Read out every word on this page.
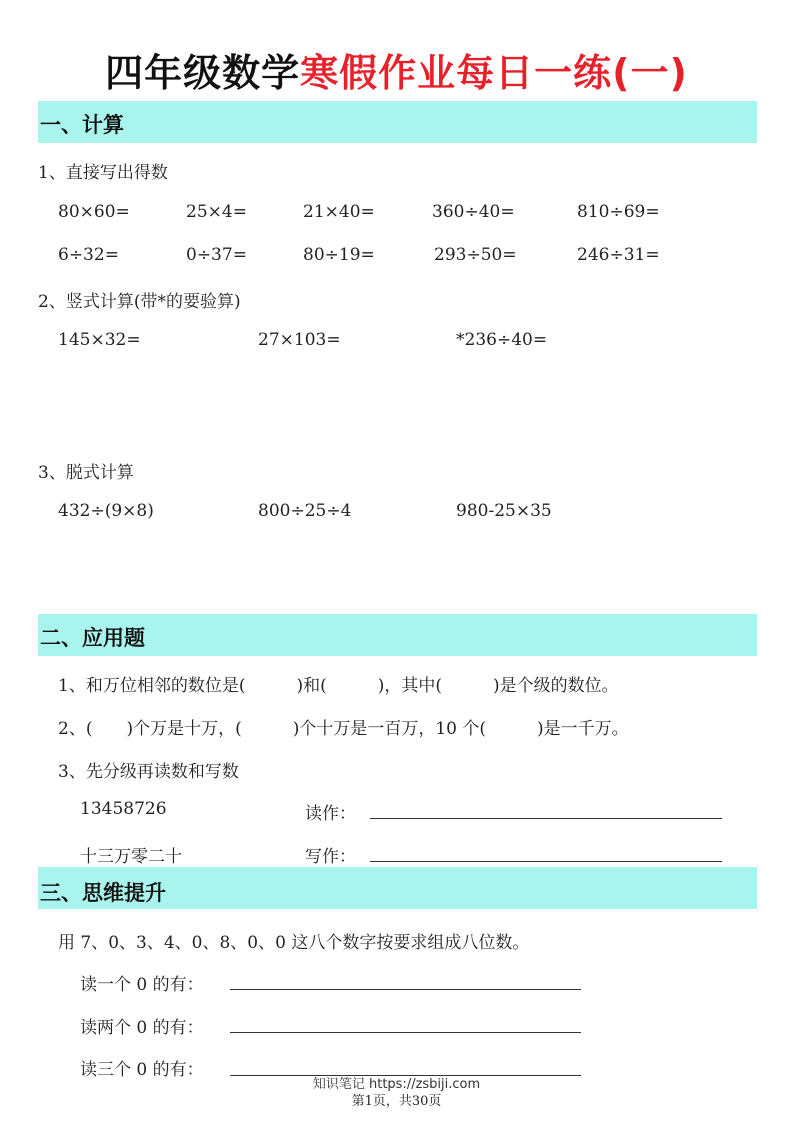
四年级数学寒假作业每日一练(一)
一、计算
1、直接写出得数
80×60=	25×4=	21×40=	360÷40=	810÷69=
6÷32=	0÷37=	80÷19=	293÷50=	246÷31=
2、竖式计算(带*的要验算)
145×32=	27×103=	*236÷40=
3、脱式计算
432÷(9×8)	800÷25÷4	980-25×35
二、应用题
1、和万位相邻的数位是(　　　)和(　　　)，其中(　　　)是个级的数位。
2、(　　)个万是十万，(　　　)个十万是一百万，10 个(　　　)是一千万。
3、先分级再读数和写数
13458726	读作：
十三万零二十	写作：
三、思维提升
用 7、0、3、4、0、8、0、0 这八个数字按要求组成八位数。
读一个 0 的有：
读两个 0 的有：
读三个 0 的有：
知识笔记 https://zsbiji.com
第1页，共30页
